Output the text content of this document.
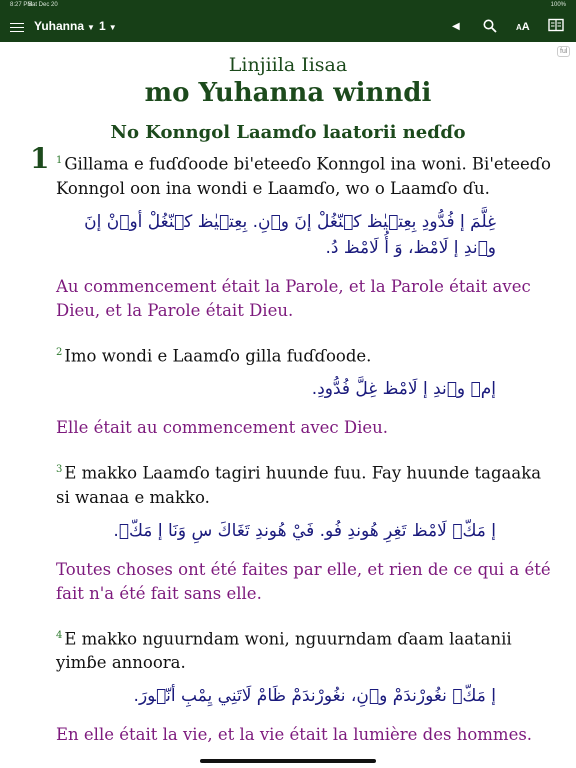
8:27 PM
Sat Dec 20	100%
Yuhanna ▼ 1 ▼	◀	AA
ful
Linjiila Iisaa
mo Yuhanna winndi
No Konngol Laamɗo laatorii neɗɗo
1 $^1$ Gillama e fuɗɗoode bi'eteeɗo Konngol ina woni. Bi'eteeɗo Konngol oon ina wondi e Laamɗo, wo o Laamɗo ɗu.
غِلَّمَ إ فُدُّودِ بِعِتٖيٰظ كٜنّغُلْ إنَ وٜنِ. بِعِتٖيٰظ كٜنّغُلْ أوٜنْ إنَ وٜندِ إ لَامْظ، وَ أُ لَامْظ دُ.
Au commencement était la Parole, et la Parole était avec Dieu, et la Parole était Dieu.
$^2$ Imo wondi e Laamɗo gilla fuɗɗoode.
إمٜ وٜندِ إ لَامْظ غِلَّ فُدُّودِ.
Elle était au commencement avec Dieu.
$^3$ E makko Laamɗo tagiri huunde fuu. Fay huunde tagaaka si wanaa e makko.
إ مَكّٜ لَامْظ تَغِرِ هُوندِ فُو. فَيْ هُوندِ تَغَاكَ سِ وَنَا إ مَكّٜ.
Toutes choses ont été faites par elle, et rien de ce qui a été fait n'a été fait sans elle.
$^4$ E makko nguurndam woni, nguurndam ɗaam laatanii yimɓe annoora.
إ مَكّٜ نغُورْندَمْ وٜنِ، نغُورْندَمْ ظَامْ لَاتَنِي يِمْبِ أنّٜورَ.
En elle était la vie, et la vie était la lumière des hommes.
